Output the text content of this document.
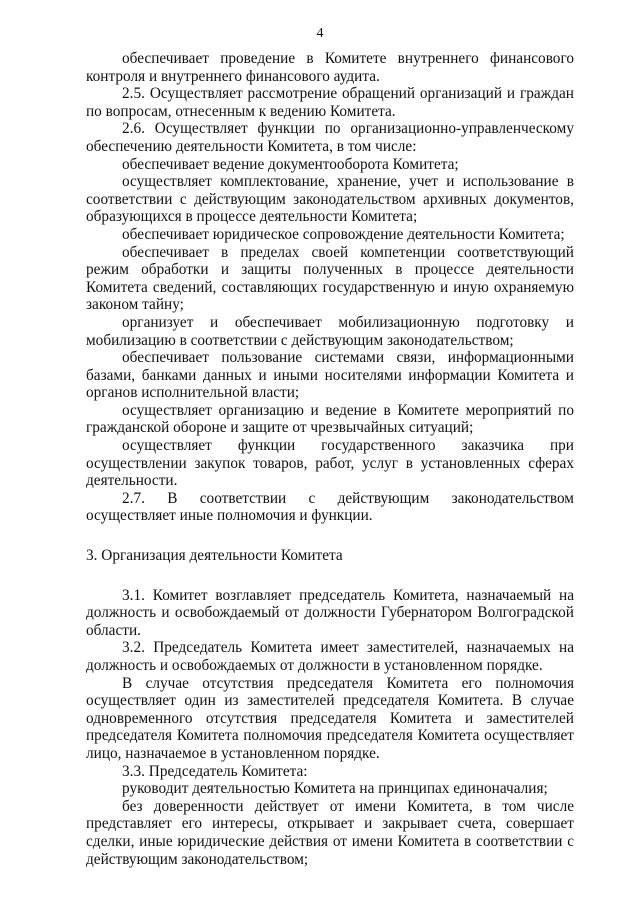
4

обеспечивает проведение в Комитете внутреннего финансового контроля и внутреннего финансового аудита.

2.5. Осуществляет рассмотрение обращений организаций и граждан по вопросам, отнесенным к ведению Комитета.

2.6. Осуществляет функции по организационно-управленческому обеспечению деятельности Комитета, в том числе:

обеспечивает ведение документооборота Комитета;

осуществляет комплектование, хранение, учет и использование в соответствии с действующим законодательством архивных документов, образующихся в процессе деятельности Комитета;

обеспечивает юридическое сопровождение деятельности Комитета;

обеспечивает в пределах своей компетенции соответствующий режим обработки и защиты полученных в процессе деятельности Комитета сведений, составляющих государственную и иную охраняемую законом тайну;

организует и обеспечивает мобилизационную подготовку и мобилизацию в соответствии с действующим законодательством;

обеспечивает пользование системами связи, информационными базами, банками данных и иными носителями информации Комитета и органов исполнительной власти;

осуществляет организацию и ведение в Комитете мероприятий по гражданской обороне и защите от чрезвычайных ситуаций;

осуществляет функции государственного заказчика при осуществлении закупок товаров, работ, услуг в установленных сферах деятельности.

2.7. В соответствии с действующим законодательством осуществляет иные полномочия и функции.

3. Организация деятельности Комитета

3.1. Комитет возглавляет председатель Комитета, назначаемый на должность и освобождаемый от должности Губернатором Волгоградской области.

3.2. Председатель Комитета имеет заместителей, назначаемых на должность и освобождаемых от должности в установленном порядке.

В случае отсутствия председателя Комитета его полномочия осуществляет один из заместителей председателя Комитета. В случае одновременного отсутствия председателя Комитета и заместителей председателя Комитета полномочия председателя Комитета осуществляет лицо, назначаемое в установленном порядке.

3.3. Председатель Комитета:

руководит деятельностью Комитета на принципах единоначалия;

без доверенности действует от имени Комитета, в том числе представляет его интересы, открывает и закрывает счета, совершает сделки, иные юридические действия от имени Комитета в соответствии с действующим законодательством;
